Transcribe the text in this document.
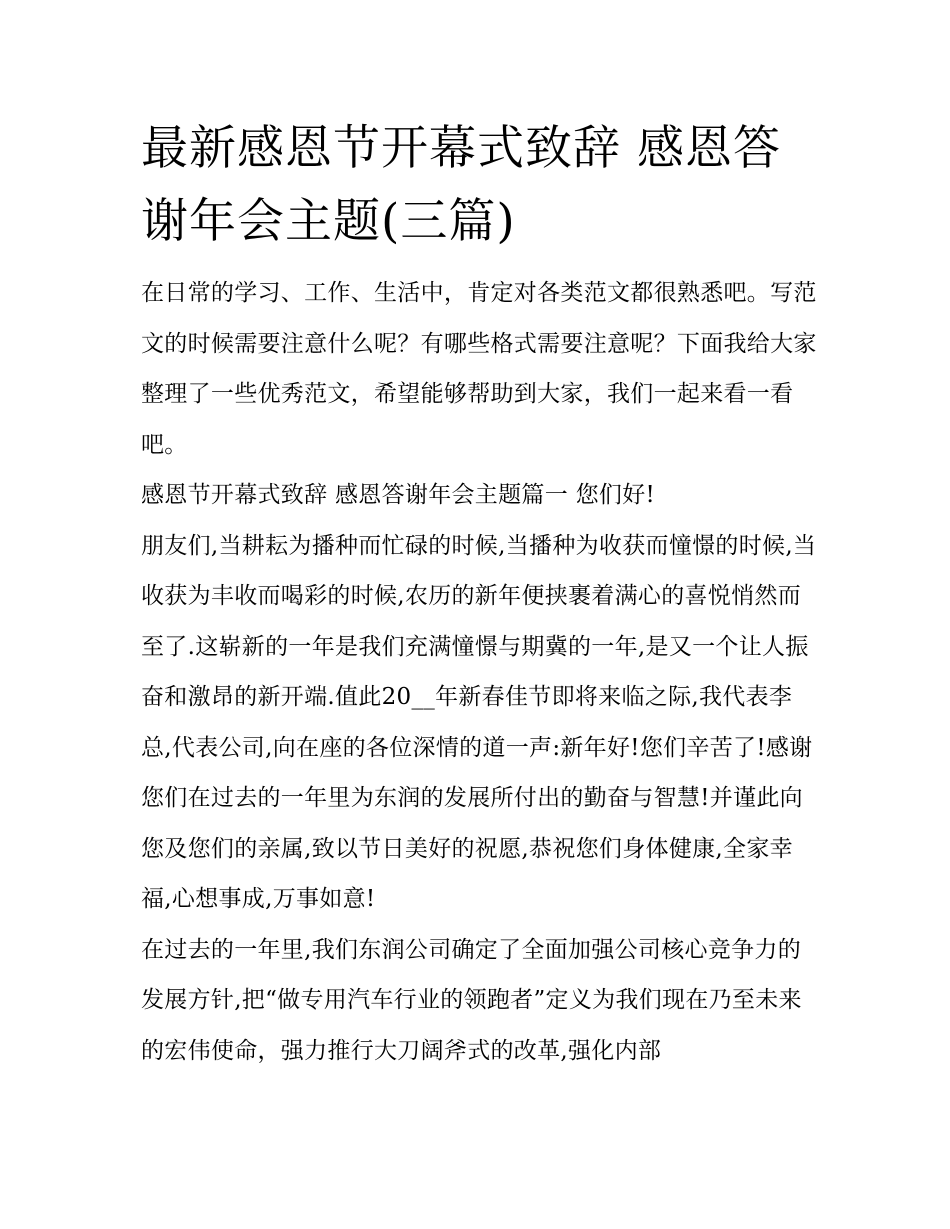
最新感恩节开幕式致辞 感恩答谢年会主题(三篇)

在日常的学习、工作、生活中，肯定对各类范文都很熟悉吧。写范文的时候需要注意什么呢？有哪些格式需要注意呢？下面我给大家整理了一些优秀范文，希望能够帮助到大家，我们一起来看一看吧。

感恩节开幕式致辞 感恩答谢年会主题篇一 您们好!

朋友们,当耕耘为播种而忙碌的时候,当播种为收获而憧憬的时候,当收获为丰收而喝彩的时候,农历的新年便挟裹着满心的喜悦悄然而至了.这崭新的一年是我们充满憧憬与期冀的一年,是又一个让人振奋和激昂的新开端.值此20__年新春佳节即将来临之际,我代表李总,代表公司,向在座的各位深情的道一声:新年好!您们辛苦了!感谢您们在过去的一年里为东润的发展所付出的勤奋与智慧!并谨此向您及您们的亲属,致以节日美好的祝愿,恭祝您们身体健康,全家幸福,心想事成,万事如意!

在过去的一年里,我们东润公司确定了全面加强公司核心竞争力的发展方针,把“做专用汽车行业的领跑者”定义为我们现在乃至未来的宏伟使命，强力推行大刀阔斧式的改革,强化内部
